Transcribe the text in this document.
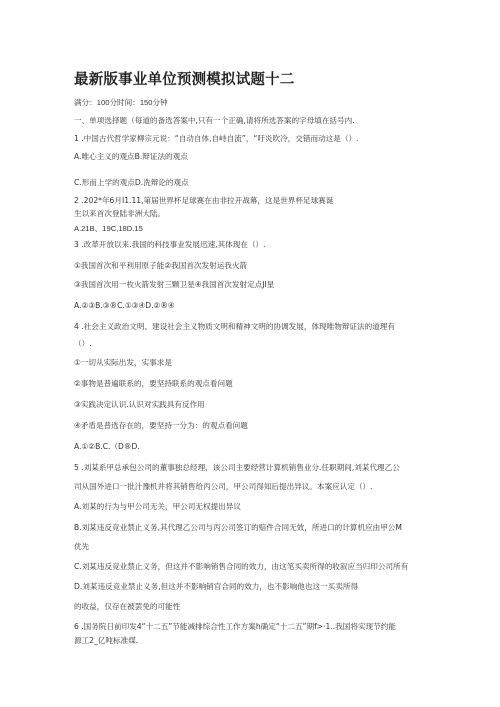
最新版事业单位预测模拟试题十二
满分：100分时间：150分钟
一、单项选择题（每道的备选答案中,只有一个正确,请将所选答案的字母填在括号内.
1 .中国古代哲学家柳宗元说：“自动自体,自峙自流”，“吁炎吹冷，交错而动这是（）.
A.唯心主义的观点B.辩证法的观点
C.形而上学的观点D.洗辩论的观点
2 .202*年6月I1.11,第届世界杯足球赛在由非拉开战幕，这是世界杯足球赛诞
生以来首次登陆非洲大陆。
A.21B、19C,18D.15
3 .改革开放以来.我国的科技事业发展迅速,其体现在（）.
①我国首次和平利用原子能②我国首次发射运我火箭
③我国首次用一枚火箭发射三颗卫星④我国首次发射定点JI星
A.②③B.③®C.①③④D.②®④
4 .社会主义政治文明、建设社会主义物质文明和精神文明的协调发展，体现唯物辩证法的道理有
（）.
①一切从实际出发，实事求是
②事物是普遍联系的，要坚持联系的观点看问题
③实践决定认识.认识对实践具有反作用
④矛盾是普选存在的，要坚持一分为：的观点看问题
A.①②B.C.（D®D.
5 .刘某系甲总承包公司的董事独总经理，该公司主要经营计算机销售业分.任职期间,刘某代理乙公
司从国外进口一批汁豫机并将其销售给丙公司，甲公司得知后提出异议。本案应认定（）.
A.刘某的行为与甲公司无关，甲公司无权提出异议
B.刘某违反竞业禁止义务,其代理乙公司与丙公司签订的赔件合同无效，所进口的计算机应由甲公M
优先
C.刘某违反竞业禁止义务，但这并不影响销售合同的效力，由这笔买卖所得的收叙应当归印公司所有
D.刘某违反竞业禁止义务,但这并不影响销官合同的效力，也不影响他也这一买卖所得
的收益，仅存在被罢免的可能性
6 .国务院日前印发4“十二五”节能减排综合性工作方案h确定“十二五”期f>·1..我国将实现节约能
源工2_亿吨标准煤.
